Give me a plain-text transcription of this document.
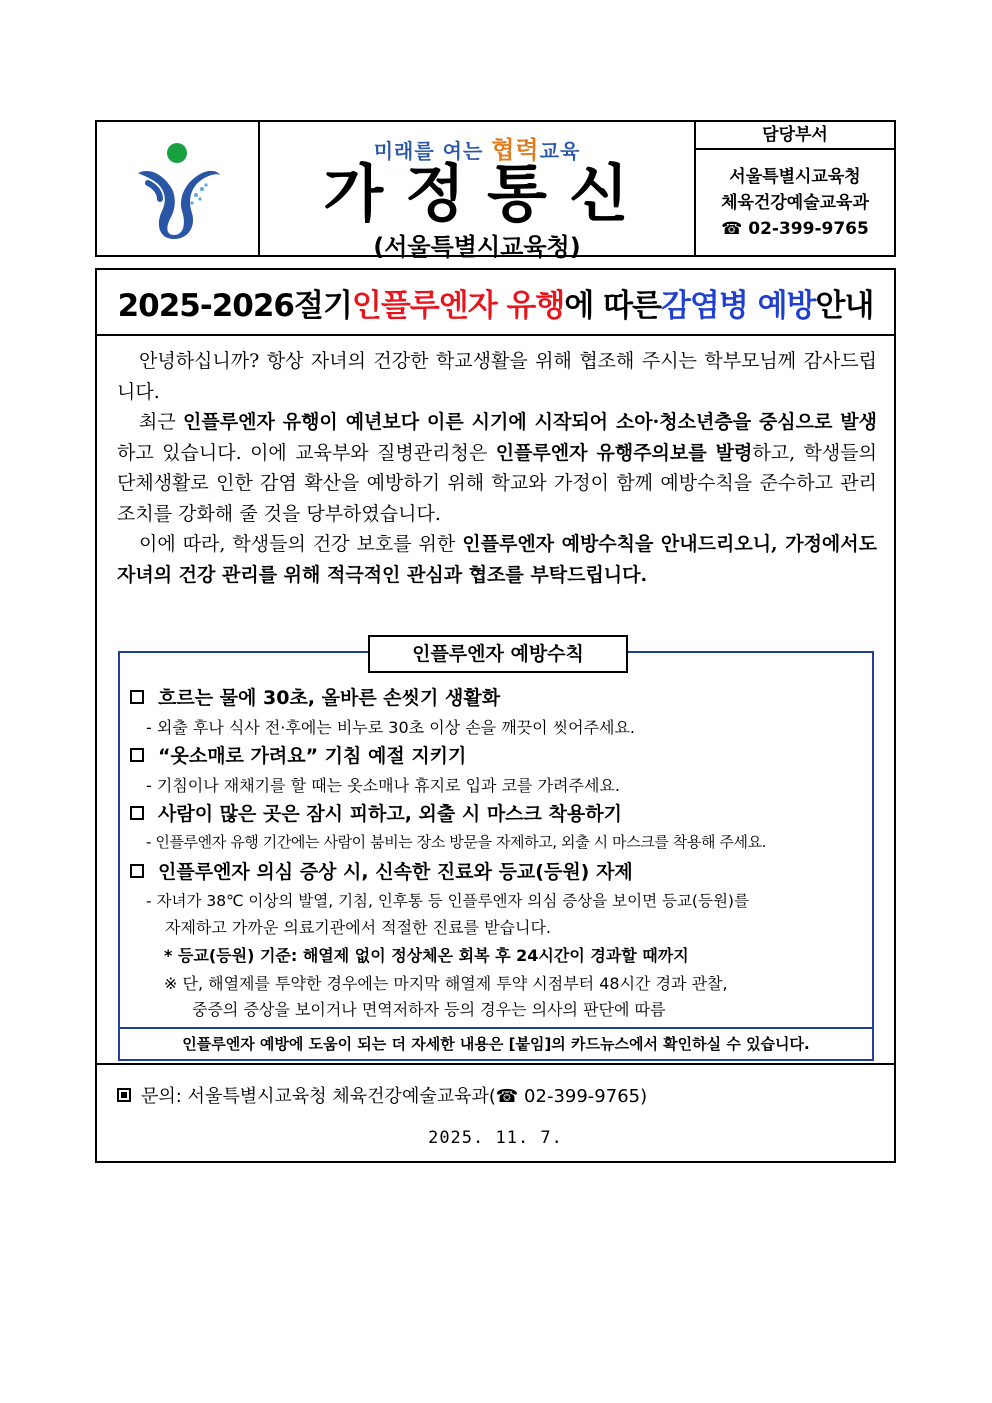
미래를 여는 협력교육
가정통신
(서울특별시교육청)
담당부서
서울특별시교육청
체육건강예술교육과
☎ 02-399-9765
2025-2026절기 인플루엔자 유행 에 따른 감염병 예방 안내

안녕하십니까? 항상 자녀의 건강한 학교생활을 위해 협조해 주시는 학부모님께 감사드립니다.

최근 인플루엔자 유행이 예년보다 이른 시기에 시작되어 소아·청소년층을 중심으로 발생하고 있습니다. 이에 교육부와 질병관리청은 인플루엔자 유행주의보를 발령하고, 학생들의 단체생활로 인한 감염 확산을 예방하기 위해 학교와 가정이 함께 예방수칙을 준수하고 관리 조치를 강화해 줄 것을 당부하였습니다.

이에 따라, 학생들의 건강 보호를 위한 인플루엔자 예방수칙을 안내드리오니, 가정에서도 자녀의 건강 관리를 위해 적극적인 관심과 협조를 부탁드립니다.

인플루엔자 예방수칙
흐르는 물에 30초, 올바른 손씻기 생활화
- 외출 후나 식사 전·후에는 비누로 30초 이상 손을 깨끗이 씻어주세요.
“옷소매로 가려요” 기침 예절 지키기
- 기침이나 재채기를 할 때는 옷소매나 휴지로 입과 코를 가려주세요.
사람이 많은 곳은 잠시 피하고, 외출 시 마스크 착용하기
- 인플루엔자 유행 기간에는 사람이 붐비는 장소 방문을 자제하고, 외출 시 마스크를 착용해 주세요.
인플루엔자 의심 증상 시, 신속한 진료와 등교(등원) 자제
- 자녀가 38℃ 이상의 발열, 기침, 인후통 등 인플루엔자 의심 증상을 보이면 등교(등원)를
자제하고 가까운 의료기관에서 적절한 진료를 받습니다.
* 등교(등원) 기준: 해열제 없이 정상체온 회복 후 24시간이 경과할 때까지
※ 단, 해열제를 투약한 경우에는 마지막 해열제 투약 시점부터 48시간 경과 관찰,
중증의 증상을 보이거나 면역저하자 등의 경우는 의사의 판단에 따름
인플루엔자 예방에 도움이 되는 더 자세한 내용은 [붙임]의 카드뉴스에서 확인하실 수 있습니다.
문의: 서울특별시교육청 체육건강예술교육과(☎ 02-399-9765)
2025. 11. 7.
